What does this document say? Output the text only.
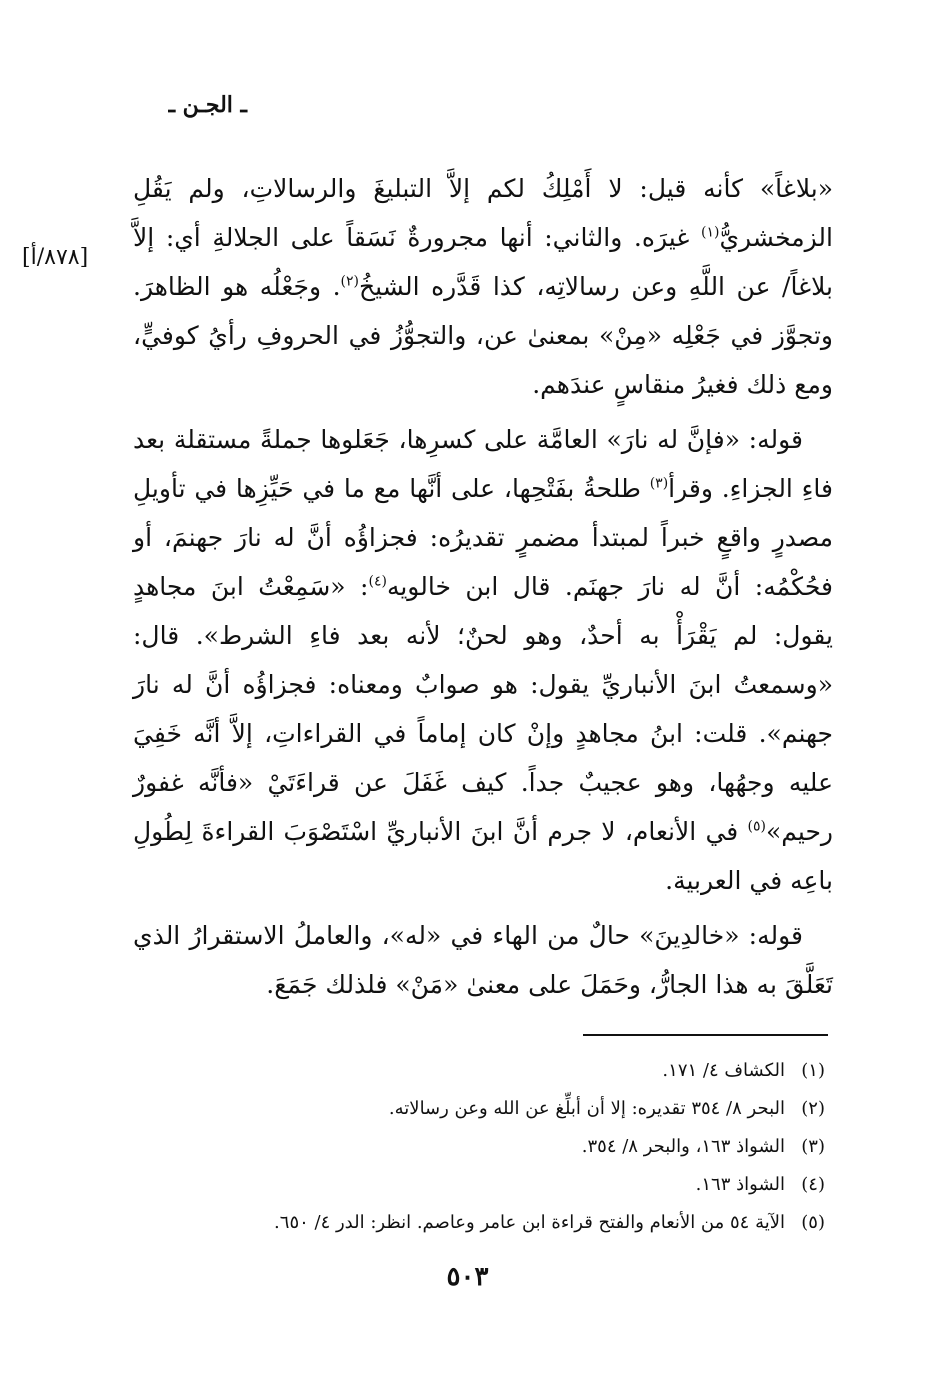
ـ الجـن ـ
[٨٧٨/أ]

«بلاغاً» كأنه قيل: لا أَمْلِكُ لكم إلاَّ التبليغَ والرسالاتِ، ولم يَقُلِ الزمخشريُّ$^{(١)}$ غيرَه. والثاني: أنها مجرورةٌ نَسَقاً على الجلالةِ أي: إلاَّ بلاغاً/ عن اللَّهِ وعن رسالاتِه، كذا قَدَّره الشيخُ$^{(٢)}$. وجَعْلُه هو الظاهرَ. وتجوَّز في جَعْلِه «مِنْ» بمعنىٰ عن، والتجوُّزُ في الحروفِ رأيُ كوفيٍّ، ومع ذلك فغيرُ منقاسٍ عندَهم.

قوله: «فإنَّ له نارَ» العامَّة على كسرِها، جَعَلوها جملةً مستقلة بعد فاءِ الجزاءِ. وقرأ$^{(٣)}$ طلحةُ بفَتْحِها، على أنَّها مع ما في حَيِّزِها في تأويلِ مصدرٍ واقعٍ خبراً لمبتدأ مضمرٍ تقديرُه: فجزاؤُه أنَّ له نارَ جهنمَ، أو فحُكْمُه: أنَّ له نارَ جهنَم. قال ابن خالويه$^{(٤)}$: «سَمِعْتُ ابنَ مجاهدٍ يقول: لم يَقْرَأْ به أحدٌ، وهو لحنٌ؛ لأنه بعد فاءِ الشرط». قال: «وسمعتُ ابنَ الأنباريِّ يقول: هو صوابٌ ومعناه: فجزاؤُه أنَّ له نارَ جهنم». قلت: ابنُ مجاهدٍ وإنْ كان إماماً في القراءاتِ، إلاَّ أنَّه خَفِيَ عليه وجهُها، وهو عجيبٌ جداً. كيف غَفَلَ عن قراءَتَيْ «فأنَّه غفورٌ رحيم»$^{(٥)}$ في الأنعام، لا جرم أنَّ ابنَ الأنباريِّ اسْتَصْوَبَ القراءةَ لِطُولِ باعِه في العربية.

قوله: «خالدِينَ» حالٌ من الهاء في «له»، والعاملُ الاستقرارُ الذي تَعَلَّقَ به هذا الجارُّ، وحَمَلَ على معنىٰ «مَنْ» فلذلك جَمَعَ.

(١)
الكشاف ٤/ ١٧١.
(٢)
البحر ٨/ ٣٥٤ تقديره: إلا أن أبلِّغ عن الله وعن رسالاته.
(٣)
الشواذ ١٦٣، والبحر ٨/ ٣٥٤.
(٤)
الشواذ ١٦٣.
(٥)
الآية ٥٤ من الأنعام والفتح قراءة ابن عامر وعاصم. انظر: الدر ٤/ ٦٥٠.
٥٠٣
